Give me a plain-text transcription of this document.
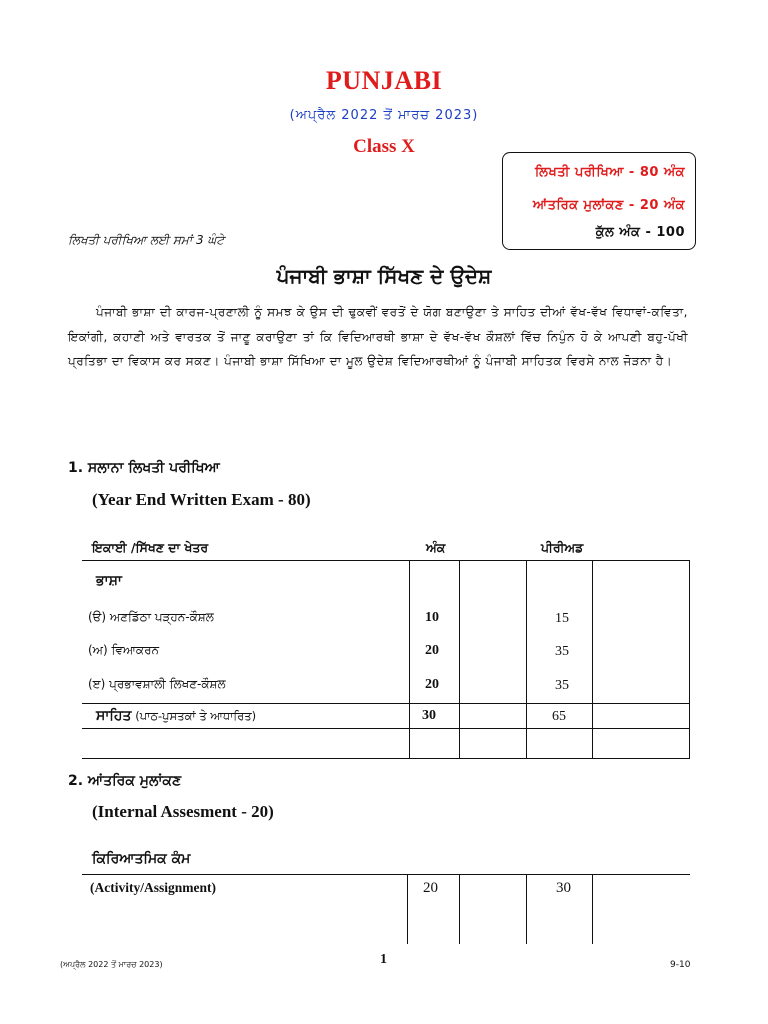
PUNJABI
(ਅਪ੍ਰੈਲ 2022 ਤੋਂ ਮਾਰਚ 2023)
Class X
ਲਿਖਤੀ ਪਰੀਖਿਆ - 80 ਅੰਕ
ਆਂਤਰਿਕ ਮੁਲਾਂਕਣ - 20 ਅੰਕ
ਕੁੱਲ ਅੰਕ - 100
ਲਿਖਤੀ ਪਰੀਖਿਆ ਲਈ ਸਮਾਂ 3 ਘੰਟੇ
ਪੰਜਾਬੀ ਭਾਸ਼ਾ ਸਿੱਖਣ ਦੇ ਉਦੇਸ਼
ਪੰਜਾਬੀ ਭਾਸ਼ਾ ਦੀ ਕਾਰਜ-ਪ੍ਰਣਾਲੀ ਨੂੰ ਸਮਝ ਕੇ ਉਸ ਦੀ ਢੁਕਵੀਂ ਵਰਤੋਂ ਦੇ ਯੋਗ ਬਣਾਉਣਾ ਤੇ ਸਾਹਿਤ ਦੀਆਂ ਵੱਖ-ਵੱਖ ਵਿਧਾਵਾਂ-ਕਵਿਤਾ, ਇਕਾਂਗੀ, ਕਹਾਣੀ ਅਤੇ ਵਾਰਤਕ ਤੋਂ ਜਾਣੂ ਕਰਾਉਣਾ ਤਾਂ ਕਿ ਵਿਦਿਆਰਥੀ ਭਾਸ਼ਾ ਦੇ ਵੱਖ-ਵੱਖ ਕੌਸ਼ਲਾਂ ਵਿੱਚ ਨਿਪੁੰਨ ਹੋ ਕੇ ਆਪਣੀ ਬਹੁ-ਪੱਖੀ ਪ੍ਰਤਿਭਾ ਦਾ ਵਿਕਾਸ ਕਰ ਸਕਣ। ਪੰਜਾਬੀ ਭਾਸ਼ਾ ਸਿੱਖਿਆ ਦਾ ਮੂਲ ਉਦੇਸ਼ ਵਿਦਿਆਰਥੀਆਂ ਨੂੰ ਪੰਜਾਬੀ ਸਾਹਿਤਕ ਵਿਰਸੇ ਨਾਲ ਜੋੜਨਾ ਹੈ।
1. ਸਲਾਨਾ ਲਿਖਤੀ ਪਰੀਖਿਆ
(Year End Written Exam - 80)
ਇਕਾਈ /ਸਿੱਖਣ ਦਾ ਖੇਤਰ	ਅੰਕ	ਪੀਰੀਅਡ
ਭਾਸ਼ਾ
(ੳ) ਅਣਡਿੱਠਾ ਪੜ੍ਹਨ-ਕੌਸ਼ਲ	10	15
(ਅ) ਵਿਆਕਰਨ	20	35
(ੲ) ਪ੍ਰਭਾਵਸ਼ਾਲੀ ਲਿਖਣ-ਕੌਸ਼ਲ	20	35
ਸਾਹਿਤ (ਪਾਠ-ਪੁਸਤਕਾਂ ਤੇ ਆਧਾਰਿਤ)	30	65
2. ਆਂਤਰਿਕ ਮੁਲਾਂਕਣ
(Internal Assesment - 20)
ਕਿਰਿਆਤਮਿਕ ਕੰਮ
(Activity/Assignment)	20	30
(ਅਪ੍ਰੈਲ 2022 ਤੋਂ ਮਾਰਚ 2023)	1	9-10
